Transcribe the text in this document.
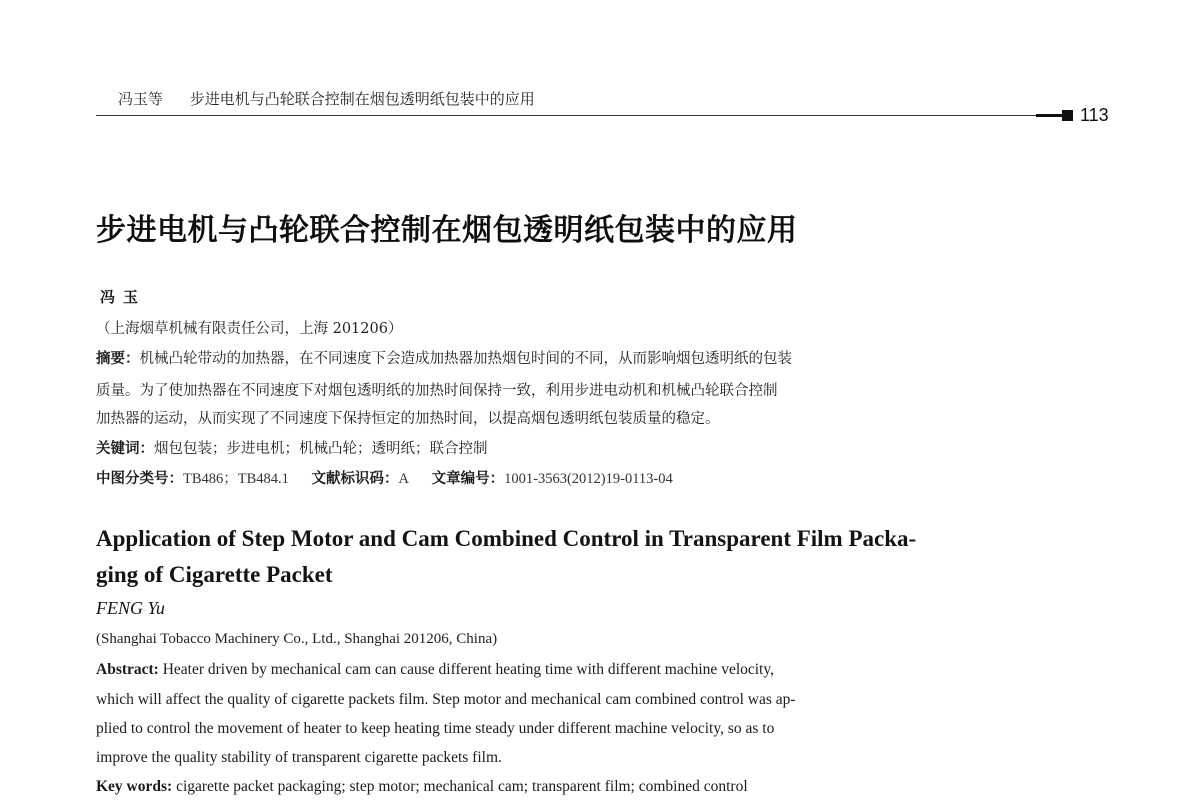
冯玉等 步进电机与凸轮联合控制在烟包透明纸包装中的应用
113
步进电机与凸轮联合控制在烟包透明纸包装中的应用
冯玉
（上海烟草机械有限责任公司，上海 201206）
摘要：机械凸轮带动的加热器，在不同速度下会造成加热器加热烟包时间的不同，从而影响烟包透明纸的包装
质量。为了使加热器在不同速度下对烟包透明纸的加热时间保持一致，利用步进电动机和机械凸轮联合控制
加热器的运动，从而实现了不同速度下保持恒定的加热时间，以提高烟包透明纸包装质量的稳定。
关键词：烟包包装；步进电机；机械凸轮；透明纸；联合控制
中图分类号：TB486；TB484.1 文献标识码：A 文章编号：1001-3563(2012)19-0113-04
Application of Step Motor and Cam Combined Control in Transparent Film Packa-
ging of Cigarette Packet
FENG Yu
(Shanghai Tobacco Machinery Co., Ltd., Shanghai 201206, China)
Abstract: Heater driven by mechanical cam can cause different heating time with different machine velocity,
which will affect the quality of cigarette packets film. Step motor and mechanical cam combined control was ap-
plied to control the movement of heater to keep heating time steady under different machine velocity, so as to
improve the quality stability of transparent cigarette packets film.
Key words: cigarette packet packaging; step motor; mechanical cam; transparent film; combined control
